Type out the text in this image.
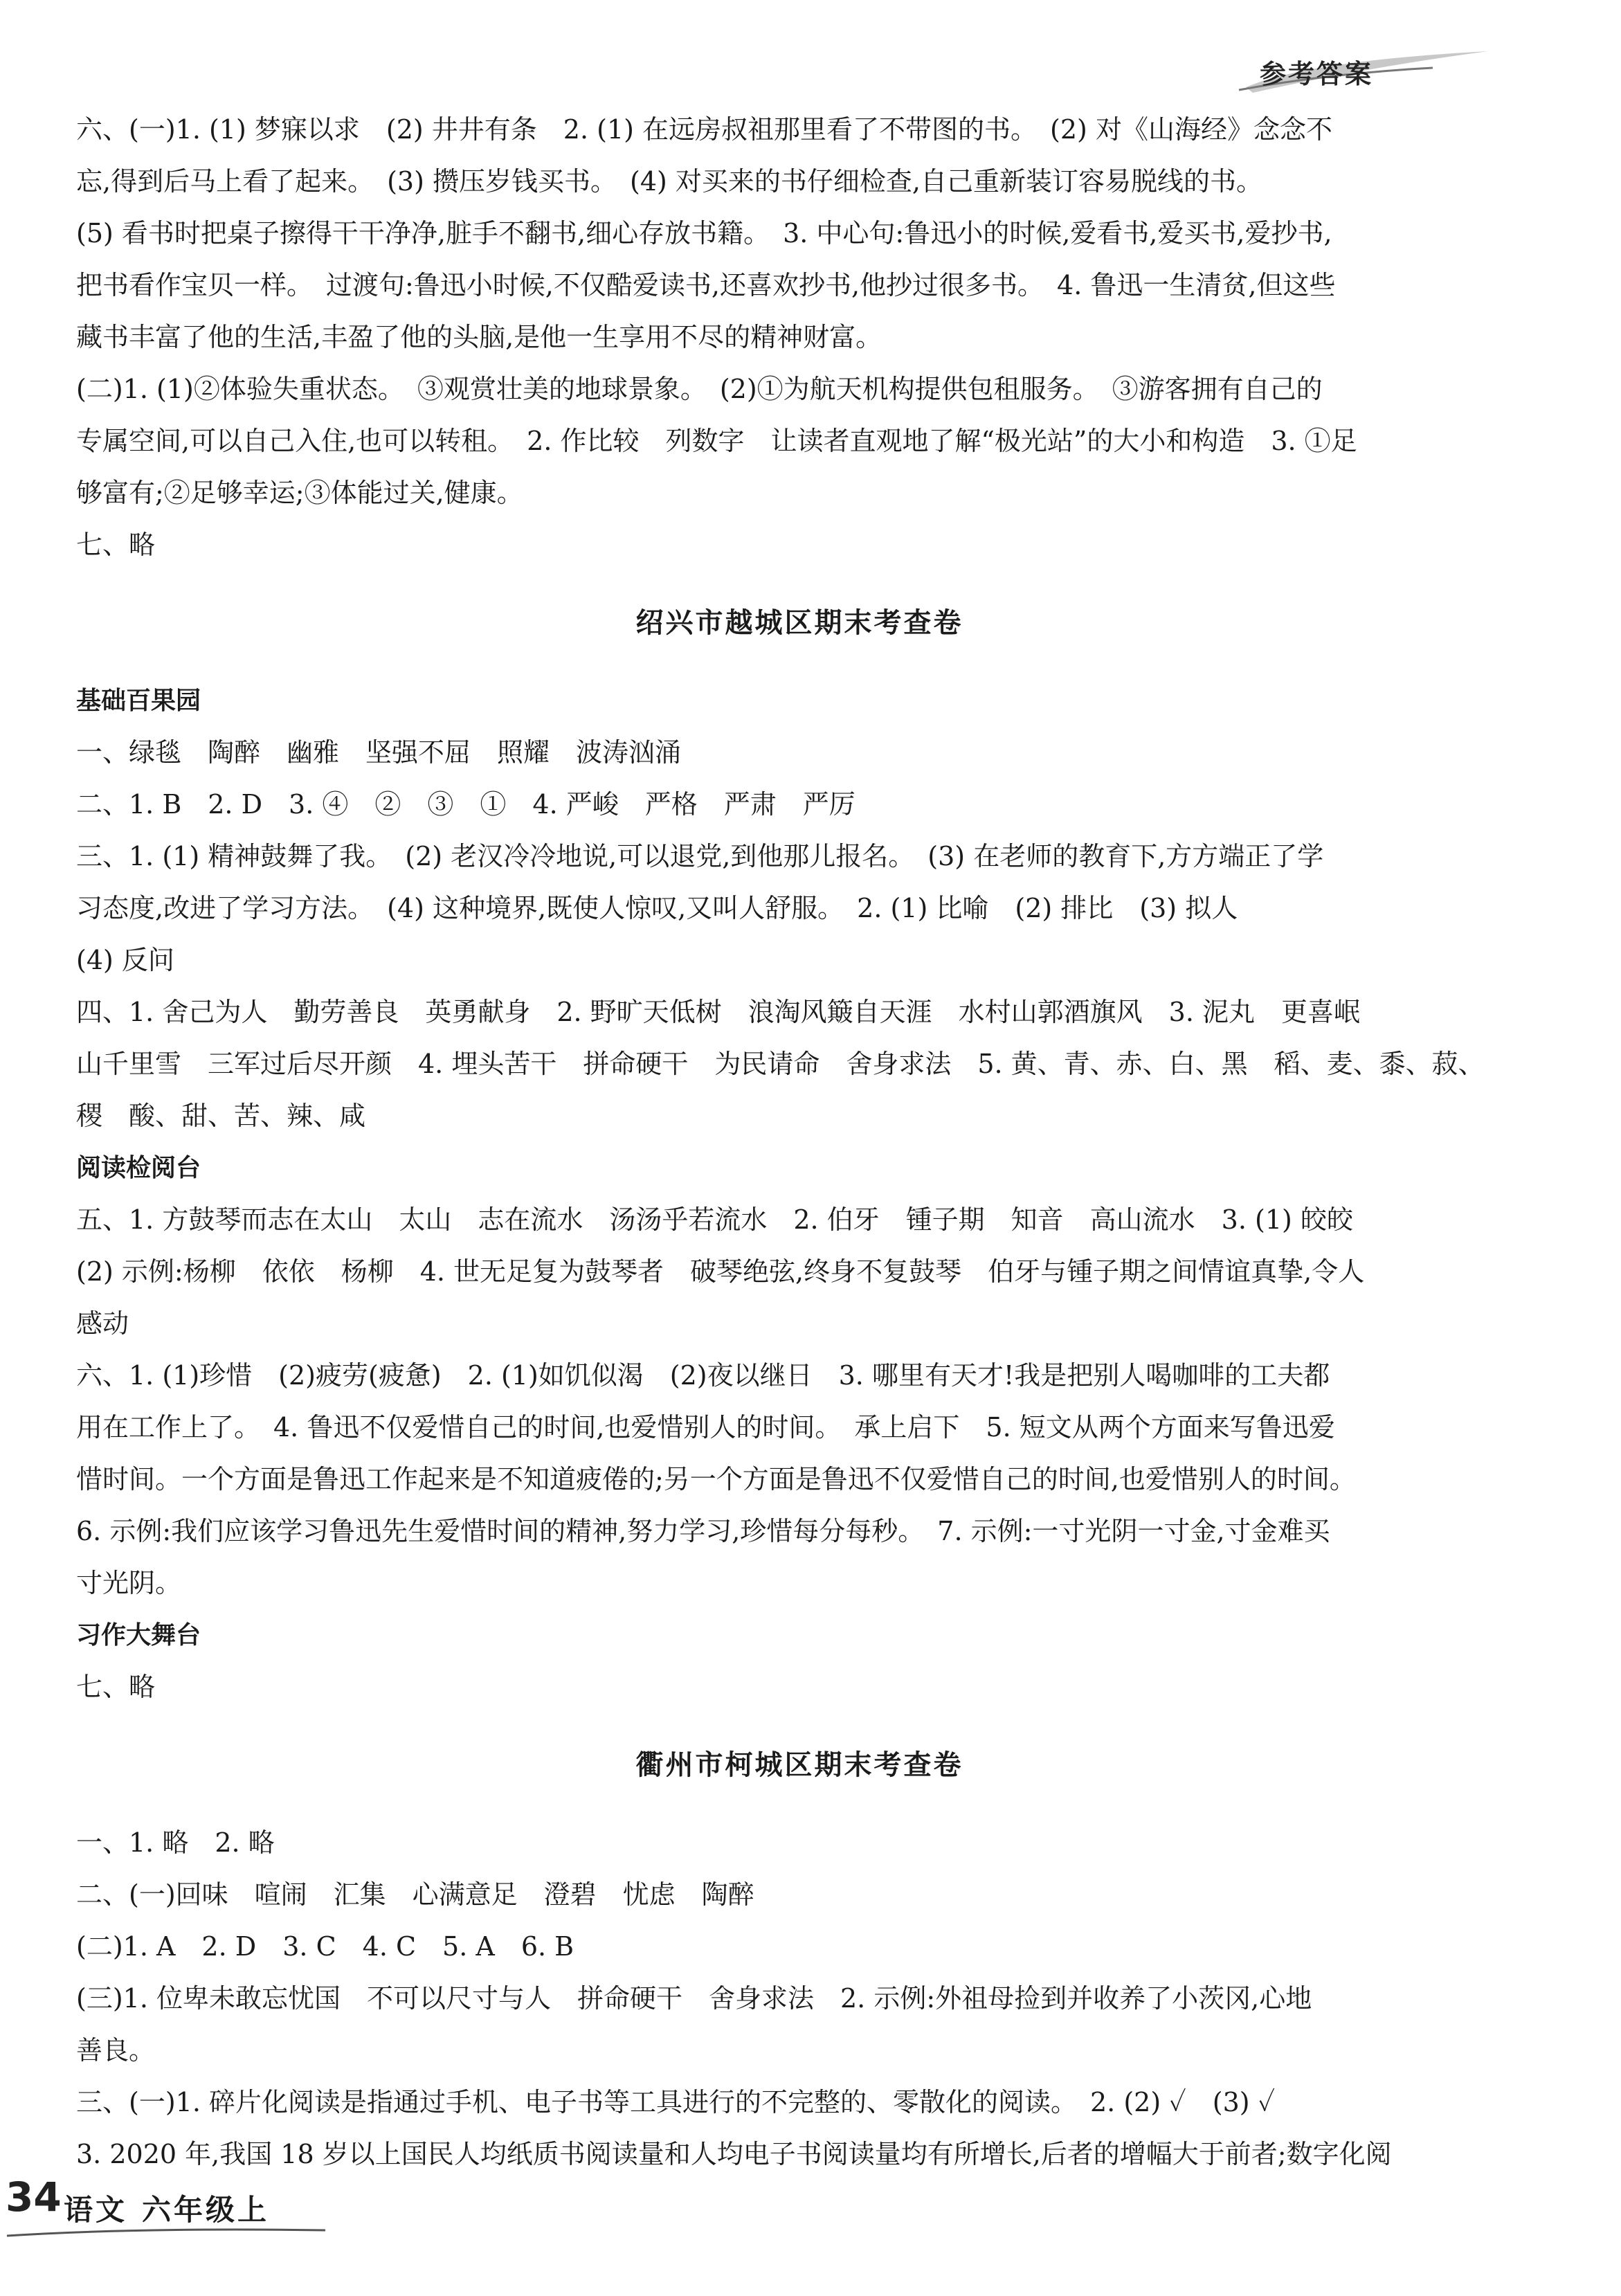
参考答案
六、(一)1. (1) 梦寐以求　(2) 井井有条　2. (1) 在远房叔祖那里看了不带图的书。　(2) 对《山海经》念念不
忘,得到后马上看了起来。　(3) 攒压岁钱买书。　(4) 对买来的书仔细检查,自己重新装订容易脱线的书。
(5) 看书时把桌子擦得干干净净,脏手不翻书,细心存放书籍。　3. 中心句:鲁迅小的时候,爱看书,爱买书,爱抄书,
把书看作宝贝一样。　过渡句:鲁迅小时候,不仅酷爱读书,还喜欢抄书,他抄过很多书。　4. 鲁迅一生清贫,但这些
藏书丰富了他的生活,丰盈了他的头脑,是他一生享用不尽的精神财富。
(二)1. (1)②体验失重状态。　③观赏壮美的地球景象。　(2)①为航天机构提供包租服务。　③游客拥有自己的
专属空间,可以自己入住,也可以转租。　2. 作比较　列数字　让读者直观地了解“极光站”的大小和构造　3. ①足
够富有;②足够幸运;③体能过关,健康。
七、略
绍兴市越城区期末考查卷
基础百果园
一、绿毯　陶醉　幽雅　坚强不屈　照耀　波涛汹涌
二、1. B　2. D　3. ④　②　③　①　4. 严峻　严格　严肃　严厉
三、1. (1) 精神鼓舞了我。　(2) 老汉冷冷地说,可以退党,到他那儿报名。　(3) 在老师的教育下,方方端正了学
习态度,改进了学习方法。　(4) 这种境界,既使人惊叹,又叫人舒服。　2. (1) 比喻　(2) 排比　(3) 拟人
(4) 反问
四、1. 舍己为人　勤劳善良　英勇献身　2. 野旷天低树　浪淘风簸自天涯　水村山郭酒旗风　3. 泥丸　更喜岷
山千里雪　三军过后尽开颜　4. 埋头苦干　拼命硬干　为民请命　舍身求法　5. 黄、青、赤、白、黑　稻、麦、黍、菽、
稷　酸、甜、苦、辣、咸
阅读检阅台
五、1. 方鼓琴而志在太山　太山　志在流水　汤汤乎若流水　2. 伯牙　锺子期　知音　高山流水　3. (1) 皎皎
(2) 示例:杨柳　依依　杨柳　4. 世无足复为鼓琴者　破琴绝弦,终身不复鼓琴　伯牙与锺子期之间情谊真挚,令人
感动
六、1. (1)珍惜　(2)疲劳(疲惫)　2. (1)如饥似渴　(2)夜以继日　3. 哪里有天才!我是把别人喝咖啡的工夫都
用在工作上了。　4. 鲁迅不仅爱惜自己的时间,也爱惜别人的时间。　承上启下　5. 短文从两个方面来写鲁迅爱
惜时间。一个方面是鲁迅工作起来是不知道疲倦的;另一个方面是鲁迅不仅爱惜自己的时间,也爱惜别人的时间。
6. 示例:我们应该学习鲁迅先生爱惜时间的精神,努力学习,珍惜每分每秒。　7. 示例:一寸光阴一寸金,寸金难买
寸光阴。
习作大舞台
七、略
衢州市柯城区期末考查卷
一、1. 略　2. 略
二、(一)回味　喧闹　汇集　心满意足　澄碧　忧虑　陶醉
(二)1. A　2. D　3. C　4. C　5. A　6. B
(三)1. 位卑未敢忘忧国　不可以尺寸与人　拼命硬干　舍身求法　2. 示例:外祖母捡到并收养了小茨冈,心地
善良。
三、(一)1. 碎片化阅读是指通过手机、电子书等工具进行的不完整的、零散化的阅读。　2. (2) ✓　(3) ✓
3. 2020 年,我国 18 岁以上国民人均纸质书阅读量和人均电子书阅读量均有所增长,后者的增幅大于前者;数字化阅
34 语文 六年级上
